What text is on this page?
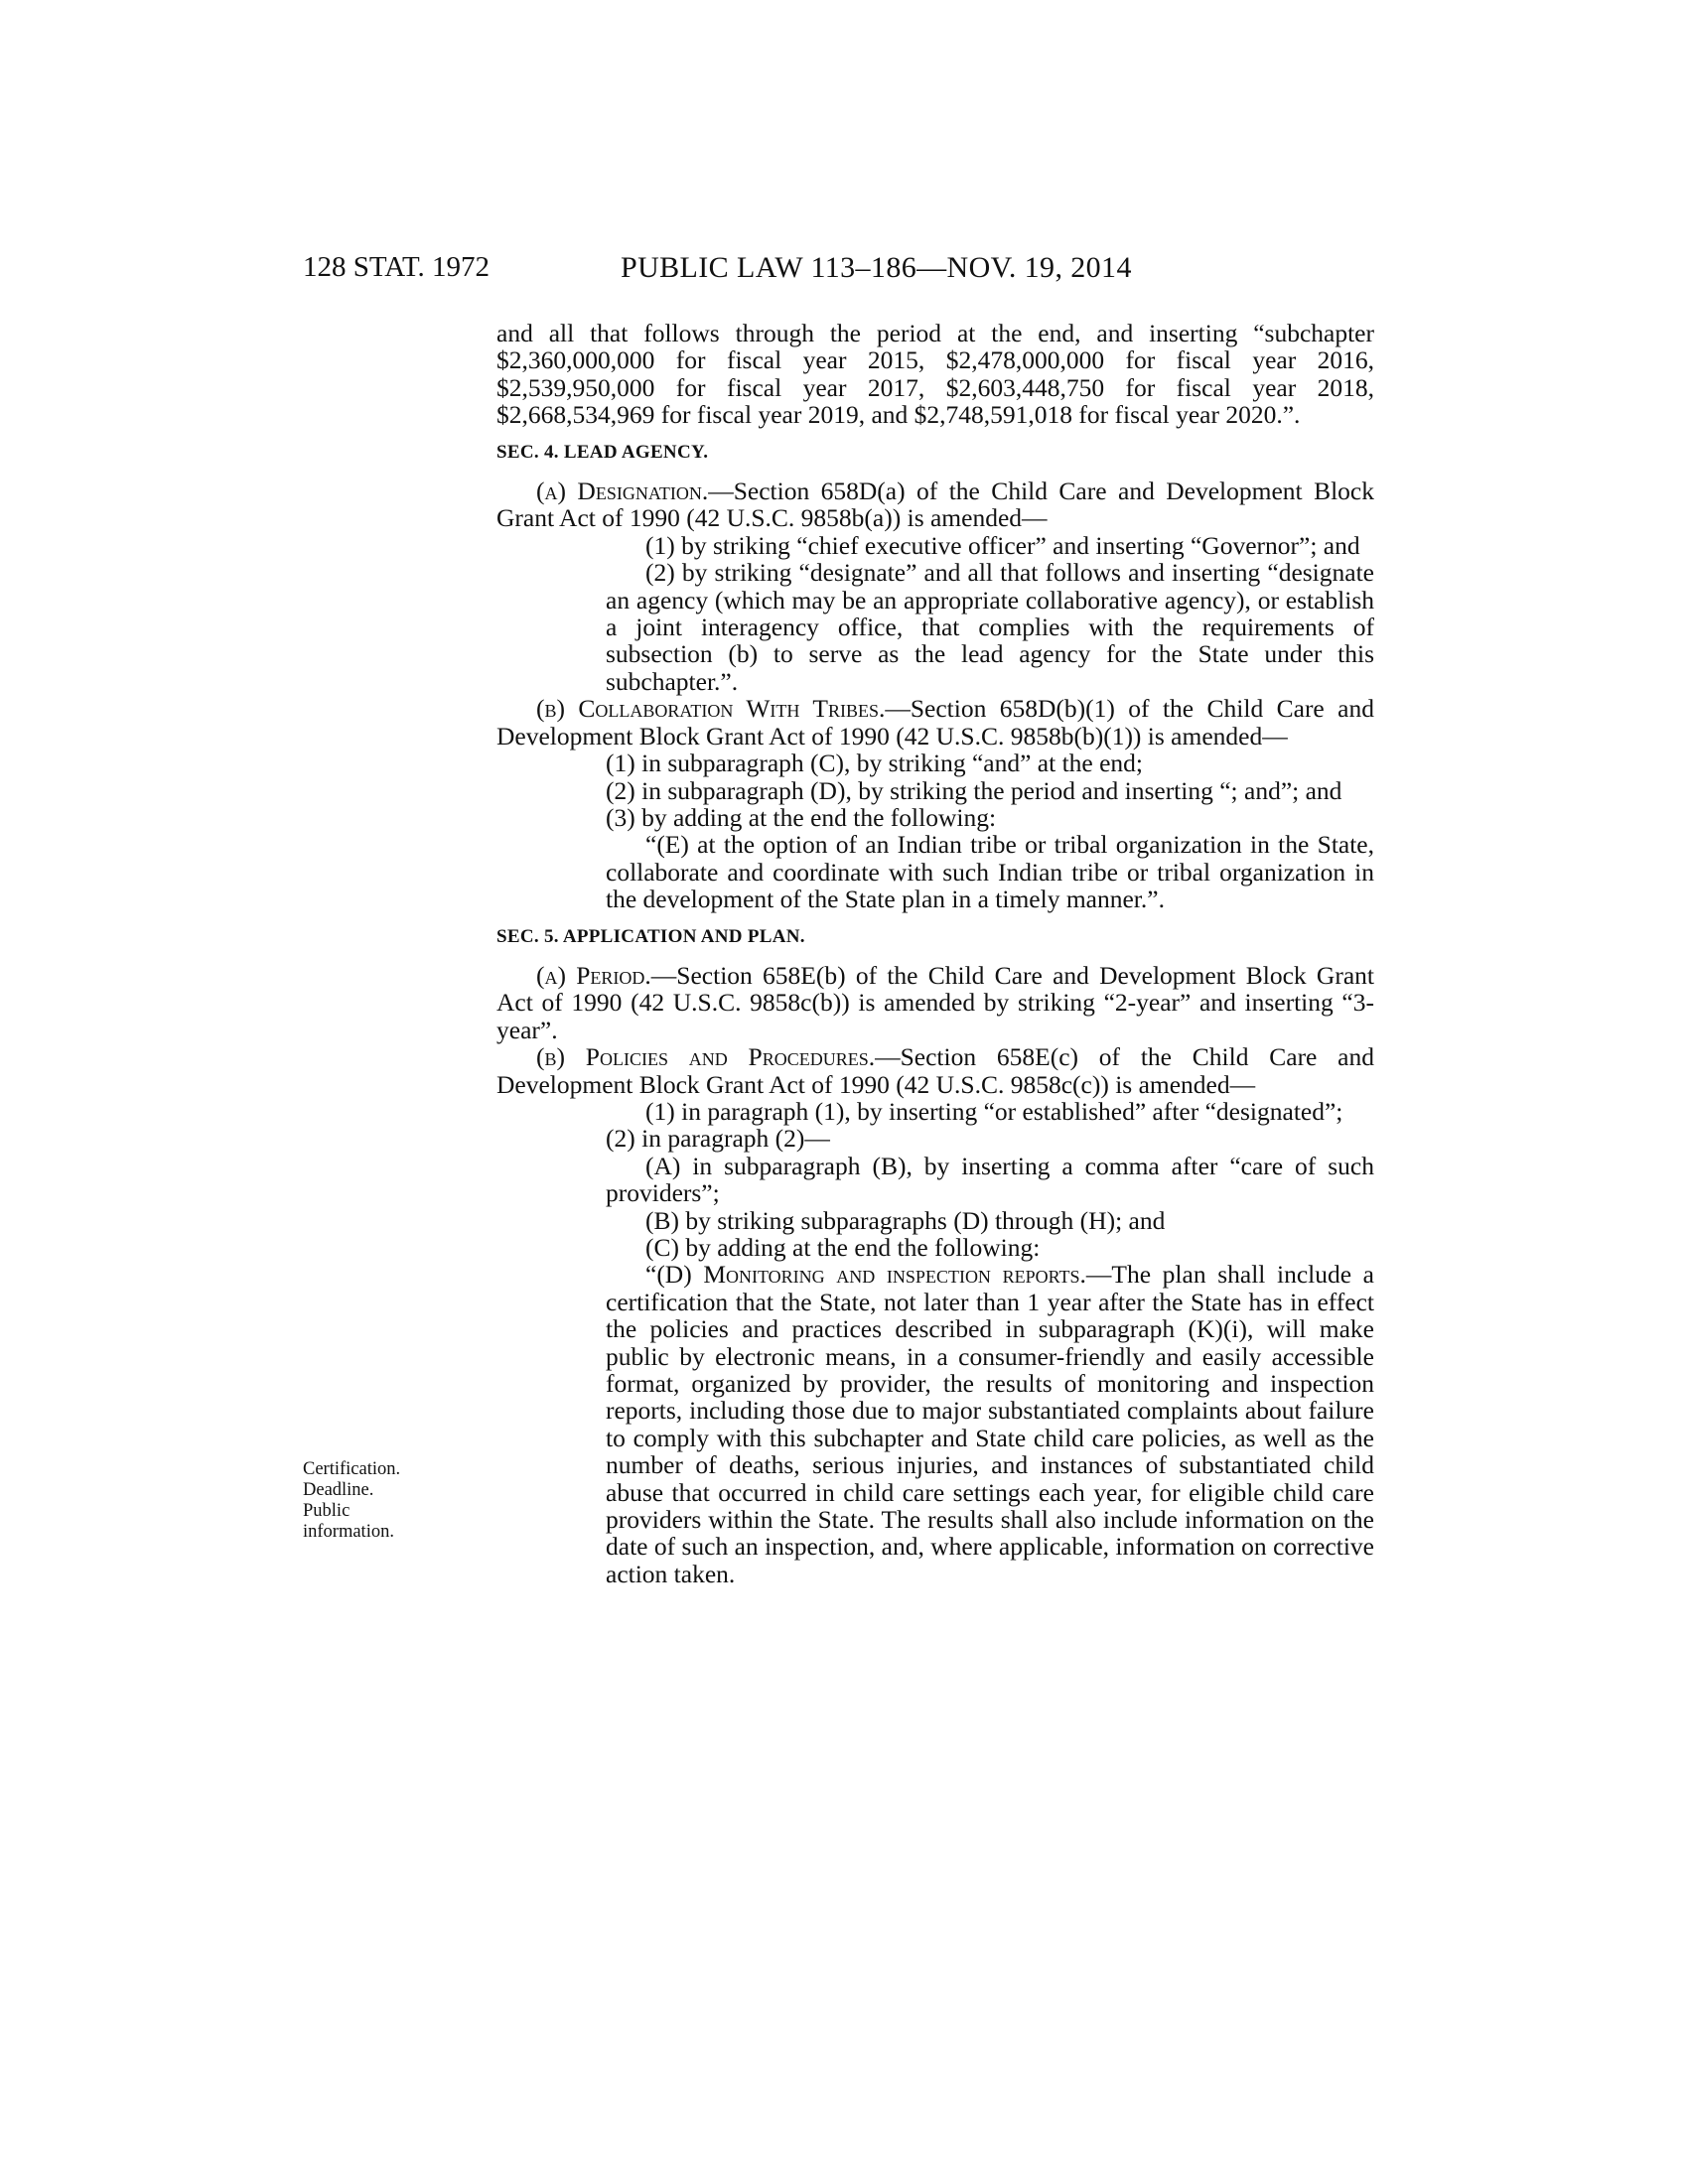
128 STAT. 1972	PUBLIC LAW 113–186—NOV. 19, 2014
Certification.
Deadline.
Public
information.

and all that follows through the period at the end, and inserting “subchapter $2,360,000,000 for fiscal year 2015, $2,478,000,000 for fiscal year 2016, $2,539,950,000 for fiscal year 2017, $2,603,448,750 for fiscal year 2018, $2,668,534,969 for fiscal year 2019, and $2,748,591,018 for fiscal year 2020.”.

SEC. 4. LEAD AGENCY.

(a) Designation.—Section 658D(a) of the Child Care and Development Block Grant Act of 1990 (42 U.S.C. 9858b(a)) is amended—

(1) by striking “chief executive officer” and inserting “Governor”; and

(2) by striking “designate” and all that follows and inserting “designate an agency (which may be an appropriate collaborative agency), or establish a joint interagency office, that complies with the requirements of subsection (b) to serve as the lead agency for the State under this subchapter.”.

(b) Collaboration With Tribes.—Section 658D(b)(1) of the Child Care and Development Block Grant Act of 1990 (42 U.S.C. 9858b(b)(1)) is amended—

(1) in subparagraph (C), by striking “and” at the end;

(2) in subparagraph (D), by striking the period and inserting “; and”; and

(3) by adding at the end the following:

“(E) at the option of an Indian tribe or tribal organization in the State, collaborate and coordinate with such Indian tribe or tribal organization in the development of the State plan in a timely manner.”.

SEC. 5. APPLICATION AND PLAN.

(a) Period.—Section 658E(b) of the Child Care and Development Block Grant Act of 1990 (42 U.S.C. 9858c(b)) is amended by striking “2-year” and inserting “3-year”.

(b) Policies and Procedures.—Section 658E(c) of the Child Care and Development Block Grant Act of 1990 (42 U.S.C. 9858c(c)) is amended—

(1) in paragraph (1), by inserting “or established” after “designated”;

(2) in paragraph (2)—

(A) in subparagraph (B), by inserting a comma after “care of such providers”;

(B) by striking subparagraphs (D) through (H); and

(C) by adding at the end the following:

“(D) Monitoring and inspection reports.—The plan shall include a certification that the State, not later than 1 year after the State has in effect the policies and practices described in subparagraph (K)(i), will make public by electronic means, in a consumer-friendly and easily accessible format, organized by provider, the results of monitoring and inspection reports, including those due to major substantiated complaints about failure to comply with this subchapter and State child care policies, as well as the number of deaths, serious injuries, and instances of substantiated child abuse that occurred in child care settings each year, for eligible child care providers within the State. The results shall also include information on the date of such an inspection, and, where applicable, information on corrective action taken.
